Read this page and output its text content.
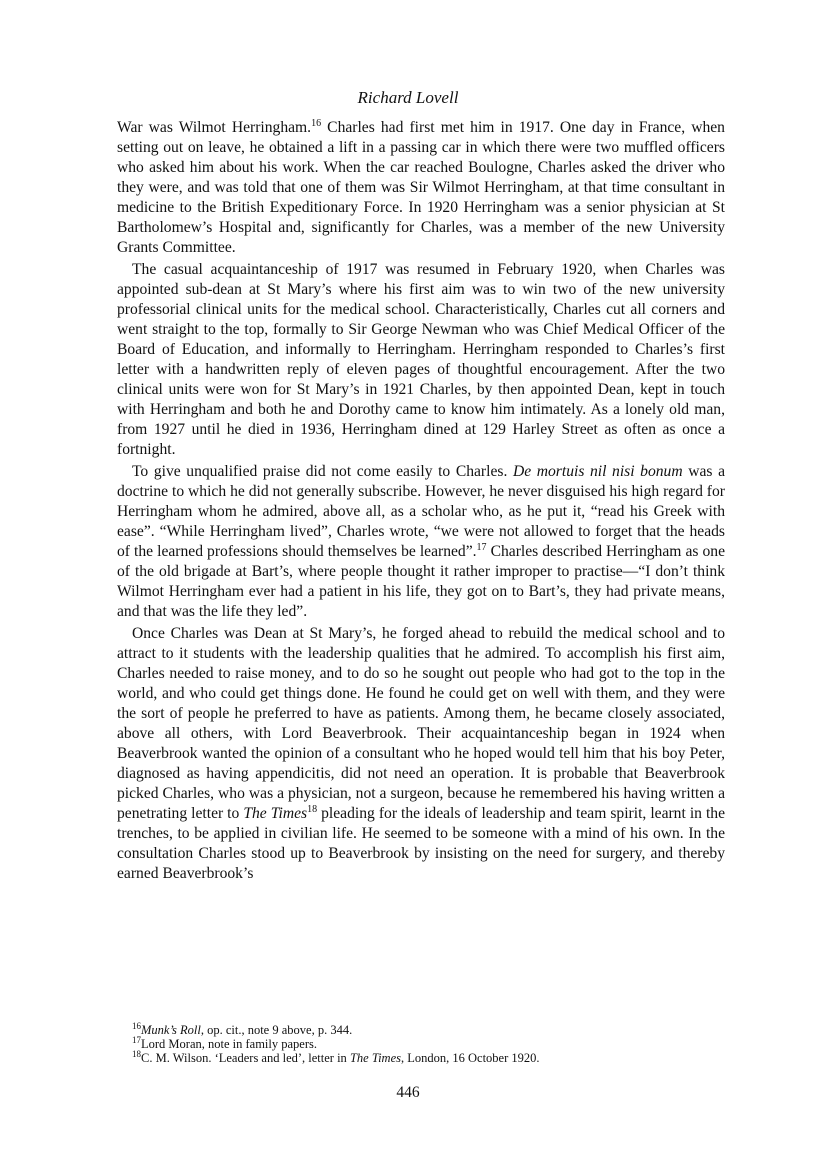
Richard Lovell

War was Wilmot Herringham.$^{16}$ Charles had first met him in 1917. One day in France, when setting out on leave, he obtained a lift in a passing car in which there were two muffled officers who asked him about his work. When the car reached Boulogne, Charles asked the driver who they were, and was told that one of them was Sir Wilmot Herringham, at that time consultant in medicine to the British Expeditionary Force. In 1920 Herringham was a senior physician at St Bartholomew’s Hospital and, significantly for Charles, was a member of the new University Grants Committee.

The casual acquaintanceship of 1917 was resumed in February 1920, when Charles was appointed sub-dean at St Mary’s where his first aim was to win two of the new university professorial clinical units for the medical school. Characteristically, Charles cut all corners and went straight to the top, formally to Sir George Newman who was Chief Medical Officer of the Board of Education, and informally to Herringham. Herringham responded to Charles’s first letter with a handwritten reply of eleven pages of thoughtful encouragement. After the two clinical units were won for St Mary’s in 1921 Charles, by then appointed Dean, kept in touch with Herringham and both he and Dorothy came to know him intimately. As a lonely old man, from 1927 until he died in 1936, Herringham dined at 129 Harley Street as often as once a fortnight.

To give unqualified praise did not come easily to Charles. De mortuis nil nisi bonum was a doctrine to which he did not generally subscribe. However, he never disguised his high regard for Herringham whom he admired, above all, as a scholar who, as he put it, “read his Greek with ease”. “While Herringham lived”, Charles wrote, “we were not allowed to forget that the heads of the learned professions should themselves be learned”.$^{17}$ Charles described Herringham as one of the old brigade at Bart’s, where people thought it rather improper to practise—“I don’t think Wilmot Herringham ever had a patient in his life, they got on to Bart’s, they had private means, and that was the life they led”.

Once Charles was Dean at St Mary’s, he forged ahead to rebuild the medical school and to attract to it students with the leadership qualities that he admired. To accomplish his first aim, Charles needed to raise money, and to do so he sought out people who had got to the top in the world, and who could get things done. He found he could get on well with them, and they were the sort of people he preferred to have as patients. Among them, he became closely associated, above all others, with Lord Beaverbrook. Their acquaintanceship began in 1924 when Beaverbrook wanted the opinion of a consultant who he hoped would tell him that his boy Peter, diagnosed as having appendicitis, did not need an operation. It is probable that Beaverbrook picked Charles, who was a physician, not a surgeon, because he remembered his having written a penetrating letter to The Times$^{18}$ pleading for the ideals of leadership and team spirit, learnt in the trenches, to be applied in civilian life. He seemed to be someone with a mind of his own. In the consultation Charles stood up to Beaverbrook by insisting on the need for surgery, and thereby earned Beaverbrook’s

$^{16}$Munk’s Roll, op. cit., note 9 above, p. 344.

$^{17}$Lord Moran, note in family papers.

$^{18}$C. M. Wilson. ‘Leaders and led’, letter in The Times, London, 16 October 1920.

446
